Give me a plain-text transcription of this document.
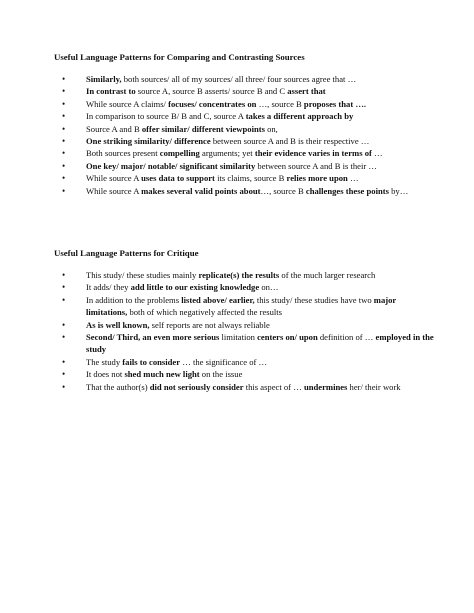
Useful Language Patterns for Comparing and Contrasting Sources
• Similarly, both sources/ all of my sources/ all three/ four sources agree that …
• In contrast to source A, source B asserts/ source B and C assert that
• While source A claims/ focuses/ concentrates on …, source B proposes that ….
• In comparison to source B/ B and C, source A takes a different approach by
• Source A and B offer similar/ different viewpoints on,
• One striking similarity/ difference between source A and B is their respective …
• Both sources present compelling arguments; yet their evidence varies in terms of …
• One key/ major/ notable/ significant similarity between source A and B is their …
• While source A uses data to support its claims, source B relies more upon …
• While source A makes several valid points about…, source B challenges these points by…
Useful Language Patterns for Critique
• This study/ these studies mainly replicate(s) the results of the much larger research
• It adds/ they add little to our existing knowledge on…
• In addition to the problems listed above/ earlier, this study/ these studies have two major limitations, both of which negatively affected the results
• As is well known, self reports are not always reliable
• Second/ Third, an even more serious limitation centers on/ upon definition of … employed in the study
• The study fails to consider … the significance of …
• It does not shed much new light on the issue
• That the author(s) did not seriously consider this aspect of … undermines her/ their work
